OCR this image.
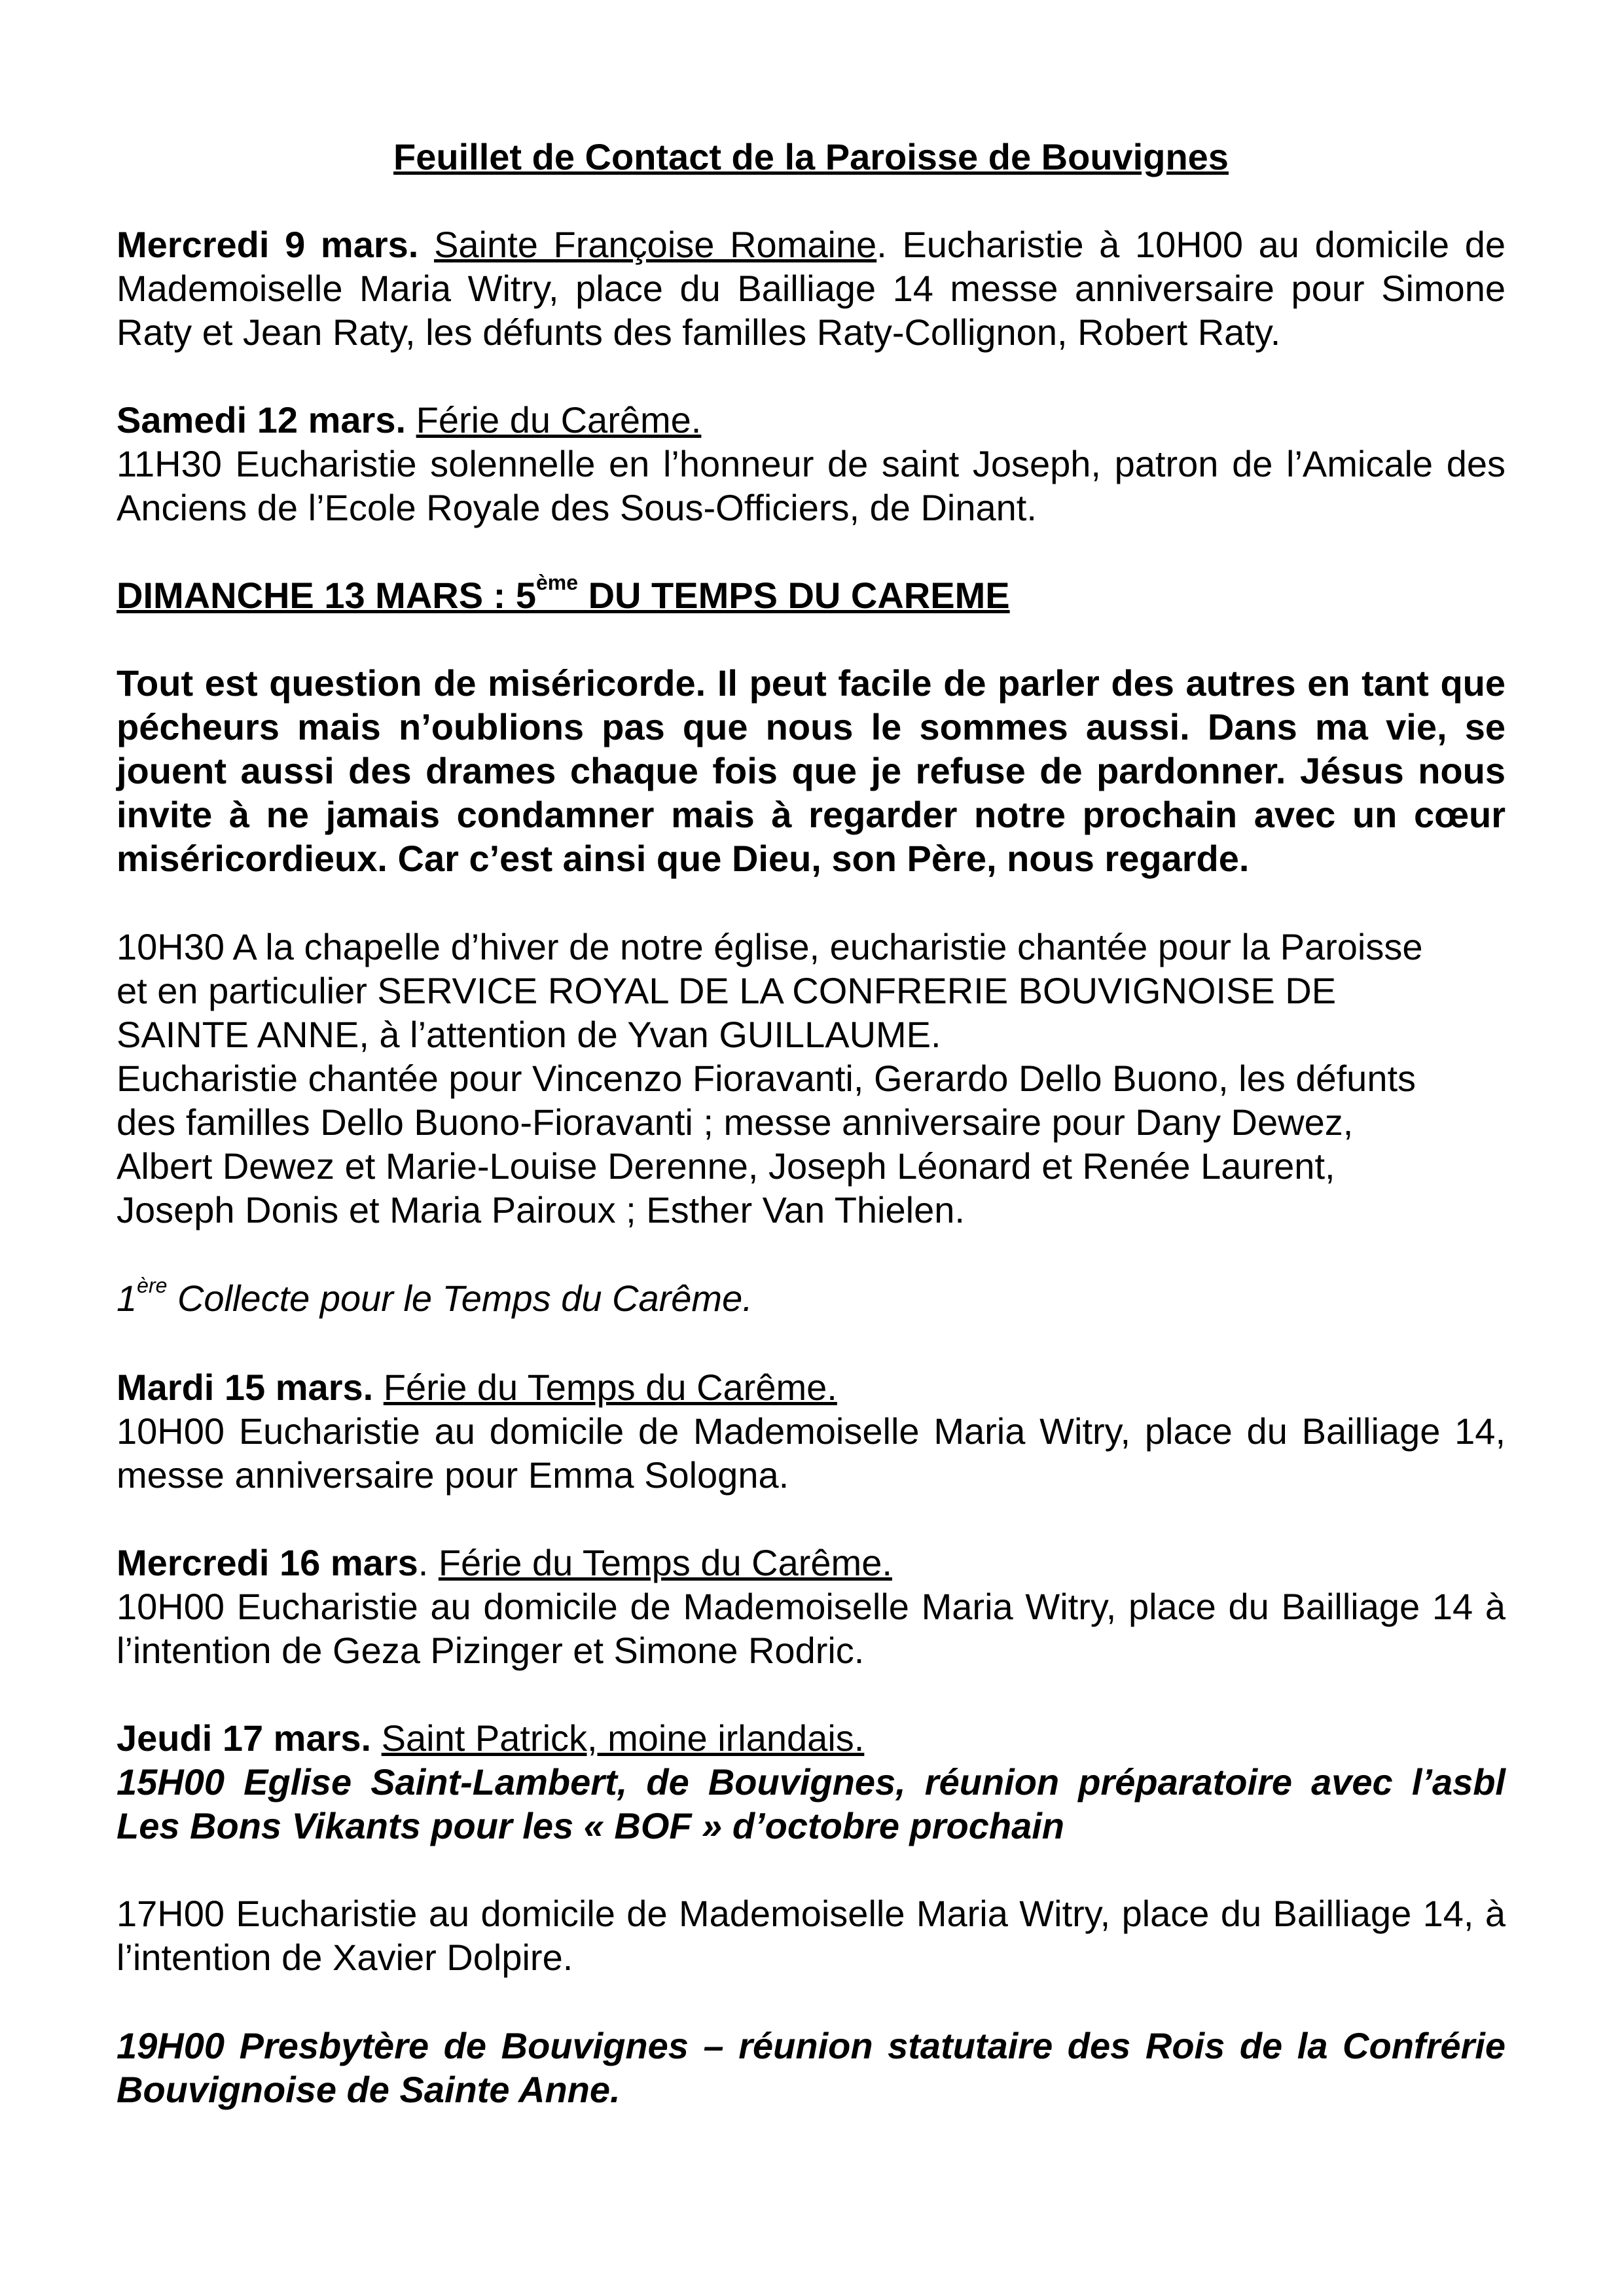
Feuillet de Contact de la Paroisse de Bouvignes

Mercredi 9 mars. Sainte Françoise Romaine. Eucharistie à 10H00 au domicile de Mademoiselle Maria Witry, place du Bailliage 14 messe anniversaire pour Simone Raty et Jean Raty, les défunts des familles Raty-Collignon, Robert Raty.

Samedi 12 mars. Férie du Carême.
11H30 Eucharistie solennelle en l’honneur de saint Joseph, patron de l’Amicale des Anciens de l’Ecole Royale des Sous-Officiers, de Dinant.

DIMANCHE 13 MARS : 5ème DU TEMPS DU CAREME

Tout est question de miséricorde. Il peut facile de parler des autres en tant que pécheurs mais n’oublions pas que nous le sommes aussi. Dans ma vie, se jouent aussi des drames chaque fois que je refuse de pardonner. Jésus nous invite à ne jamais condamner mais à regarder notre prochain avec un cœur miséricordieux. Car c’est ainsi que Dieu, son Père, nous regarde.

10H30 A la chapelle d’hiver de notre église, eucharistie chantée pour la Paroisse
et en particulier SERVICE ROYAL DE LA CONFRERIE BOUVIGNOISE DE
SAINTE ANNE, à l’attention de Yvan GUILLAUME.
Eucharistie chantée pour Vincenzo Fioravanti, Gerardo Dello Buono, les défunts
des familles Dello Buono-Fioravanti ; messe anniversaire pour Dany Dewez,
Albert Dewez et Marie-Louise Derenne, Joseph Léonard et Renée Laurent,
Joseph Donis et Maria Pairoux ; Esther Van Thielen.

1ère Collecte pour le Temps du Carême.

Mardi 15 mars. Férie du Temps du Carême.
10H00 Eucharistie au domicile de Mademoiselle Maria Witry, place du Bailliage 14, messe anniversaire pour Emma Sologna.

Mercredi 16 mars. Férie du Temps du Carême.
10H00 Eucharistie au domicile de Mademoiselle Maria Witry, place du Bailliage 14 à l’intention de Geza Pizinger et Simone Rodric.

Jeudi 17 mars. Saint Patrick, moine irlandais.
15H00 Eglise Saint-Lambert, de Bouvignes, réunion préparatoire avec l’asbl Les Bons Vikants pour les « BOF » d’octobre prochain

17H00 Eucharistie au domicile de Mademoiselle Maria Witry, place du Bailliage 14, à l’intention de Xavier Dolpire.

19H00 Presbytère de Bouvignes – réunion statutaire des Rois de la Confrérie Bouvignoise de Sainte Anne.
